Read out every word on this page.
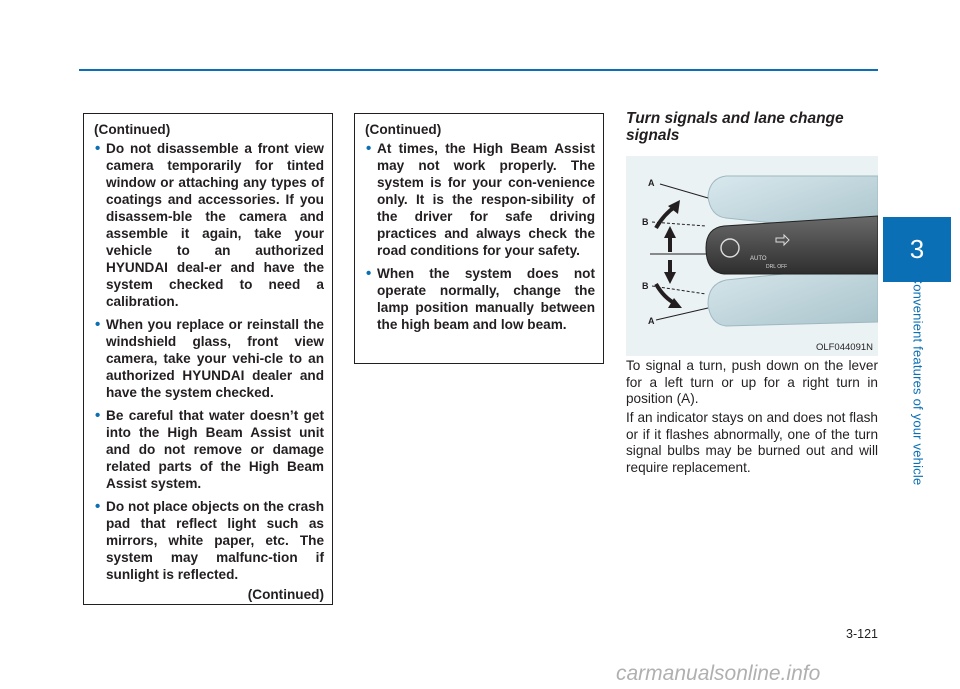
(Continued)
• Do not disassemble a front view camera temporarily for tinted window or attaching any types of coatings and accessories. If you disassem-ble the camera and assemble it again, take your vehicle to an authorized HYUNDAI deal-er and have the system checked to need a calibration.
• When you replace or reinstall the windshield glass, front view camera, take your vehi-cle to an authorized HYUNDAI dealer and have the system checked.
• Be careful that water doesn’t get into the High Beam Assist unit and do not remove or damage related parts of the High Beam Assist system.
• Do not place objects on the crash pad that reflect light such as mirrors, white paper, etc. The system may malfunc-tion if sunlight is reflected.
(Continued)
(Continued)
• At times, the High Beam Assist may not work properly. The system is for your con-venience only. It is the respon-sibility of the driver for safe driving practices and always check the road conditions for your safety.
• When the system does not operate normally, change the lamp position manually between the high beam and low beam.
Turn signals and lane change signals
AUTO
DRL OFF
A
B
B
A
OLF044091N

To signal a turn, push down on the lever for a left turn or up for a right turn in position (A).

If an indicator stays on and does not flash or if it flashes abnormally, one of the turn signal bulbs may be burned out and will require replacement.

3
Convenient features of your vehicle
3-121
carmanualsonline.info
